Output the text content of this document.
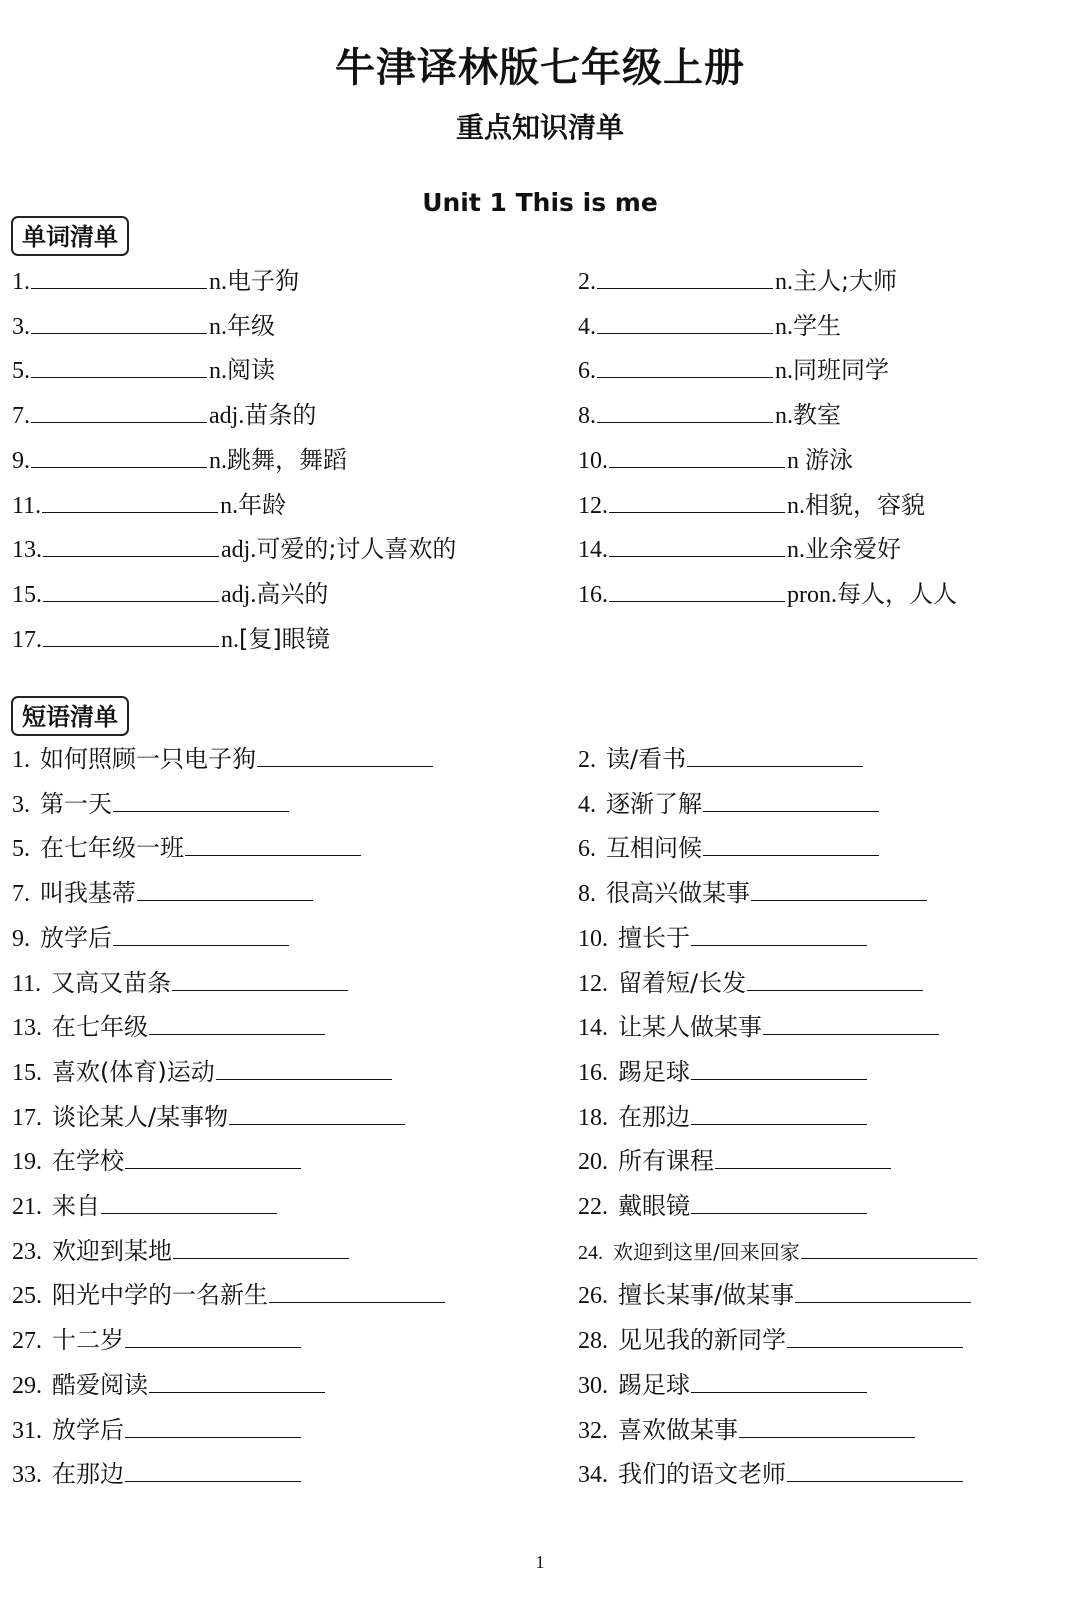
牛津译林版七年级上册
重点知识清单
Unit 1 This is me
单词清单
1.	n.电子狗	2.	n.主人;大师
3.	n.年级	4.	n.学生
5.	n.阅读	6.	n.同班同学
7.	adj.苗条的	8.	n.教室
9.	n.跳舞，舞蹈	10.	n 游泳
11.	n.年龄	12.	n.相貌，容貌
13.	adj.可爱的;讨人喜欢的	14.	n.业余爱好
15.	adj.高兴的	16.	pron.每人，人人
17.	n.[复]眼镜
短语清单
1. 如何照顾一只电子狗	2. 读/看书
3. 第一天	4. 逐渐了解
5. 在七年级一班	6. 互相问候
7. 叫我基蒂	8. 很高兴做某事
9. 放学后	10. 擅长于
11. 又高又苗条	12. 留着短/长发
13. 在七年级	14. 让某人做某事
15. 喜欢(体育)运动	16. 踢足球
17. 谈论某人/某事物	18. 在那边
19. 在学校	20. 所有课程
21. 来自	22. 戴眼镜
23. 欢迎到某地	24. 欢迎到这里/回来回家
25. 阳光中学的一名新生	26. 擅长某事/做某事
27. 十二岁	28. 见见我的新同学
29. 酷爱阅读	30. 踢足球
31. 放学后	32. 喜欢做某事
33. 在那边	34. 我们的语文老师
1
